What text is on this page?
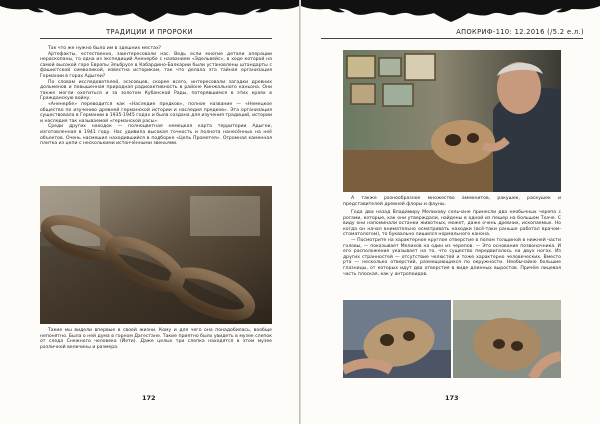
ТРАДИЦИИ И ПРОРОКИ

Так что же нужно было им в здешних местах?

Артефакты, естественно, заинтересовали нас. Ведь если многие детали операции нераскопаны, то одна из экспедиций Аненербе с названием «Эдельвейс», в ходе которой на самой высокой горе Европы Эльбрусе в Кабардино-Балкарии были установлены штандарты с фашистской символикой, известна историкам, так что делала эта тайная организация Германии в горах Адыгеи?

По словам исследователей, эсэсовцев, скорее всего, интересовали загадки древних дольменов и повышенная природная радиоактивность в районе Кинжального каньона. Они также могли охотиться и за золотом Кубанской Рады, потерявшимся в этих краях в Гражданскую войну.

«Аненербе» переводится как «Наследие предков», полное название — «Немецкое общество по изучению древней германской истории и наследия предков». Эта организация существовала в Германии в 1935-1945 годах и была создана для изучения традиций, истории и наследия так называемой «германской расы».

Среди других находок — полноцветная немецкая карта территории Адыгеи, изготовленная в 1941 году. Нас удивила высокая точность и полнота нанесённых на неё объектов. Очень насмешил находившийся в подборке «Цепь Прометея». Огромная каменная плитка из цепи с несколькими истончёнными звеньями.

Такие мы видели впервые в своей жизни. Кому и для чего она понадобилась, вообще непонятно. Была о ней дума в горном Дагестане. Такие приятно было увидеть в музее слепок от следа Снежного человека (Йети). Даже целых три слепка находятся в этом музее различной величины и размера.

172
АПОКРИФ-110: 12.2016 (/5.2 е.л.)

А также разнообразное множество аммонитов, ракушек, раскушек и представителей древней флоры и фауны.

Года два назад Владимиру Мелихову сельчане принесли два необычных черепа с рогами, которые, как они утверждали, найдены в одной из пещер на большом Тхаче. С виду они напоминали останки животных, может, даже очень древних, ископаемых. Но когда он начал внимательно осматривать находки (всё-таки раньше работал врачом-стоматологом), то буквально лишился нормального канона.

— Посмотрите на характерное круглое отверстие в полом толщиной в нижней части головы, — показывает Мелихов на один из черепов. — Это основание позвоночника. И его расположение указывает на то, что существо передвигалось на двух ногах. Из других странностей — отсутствие челюстей и тоже характерно человеческих. Вместо рта — несколько отверстий, размещающихся по окружности. Необычайно большие глазницы, от которых идут два отверстия в виде длинных выростов. Причём лицевая часть плоская, как у антропоидов.

173
